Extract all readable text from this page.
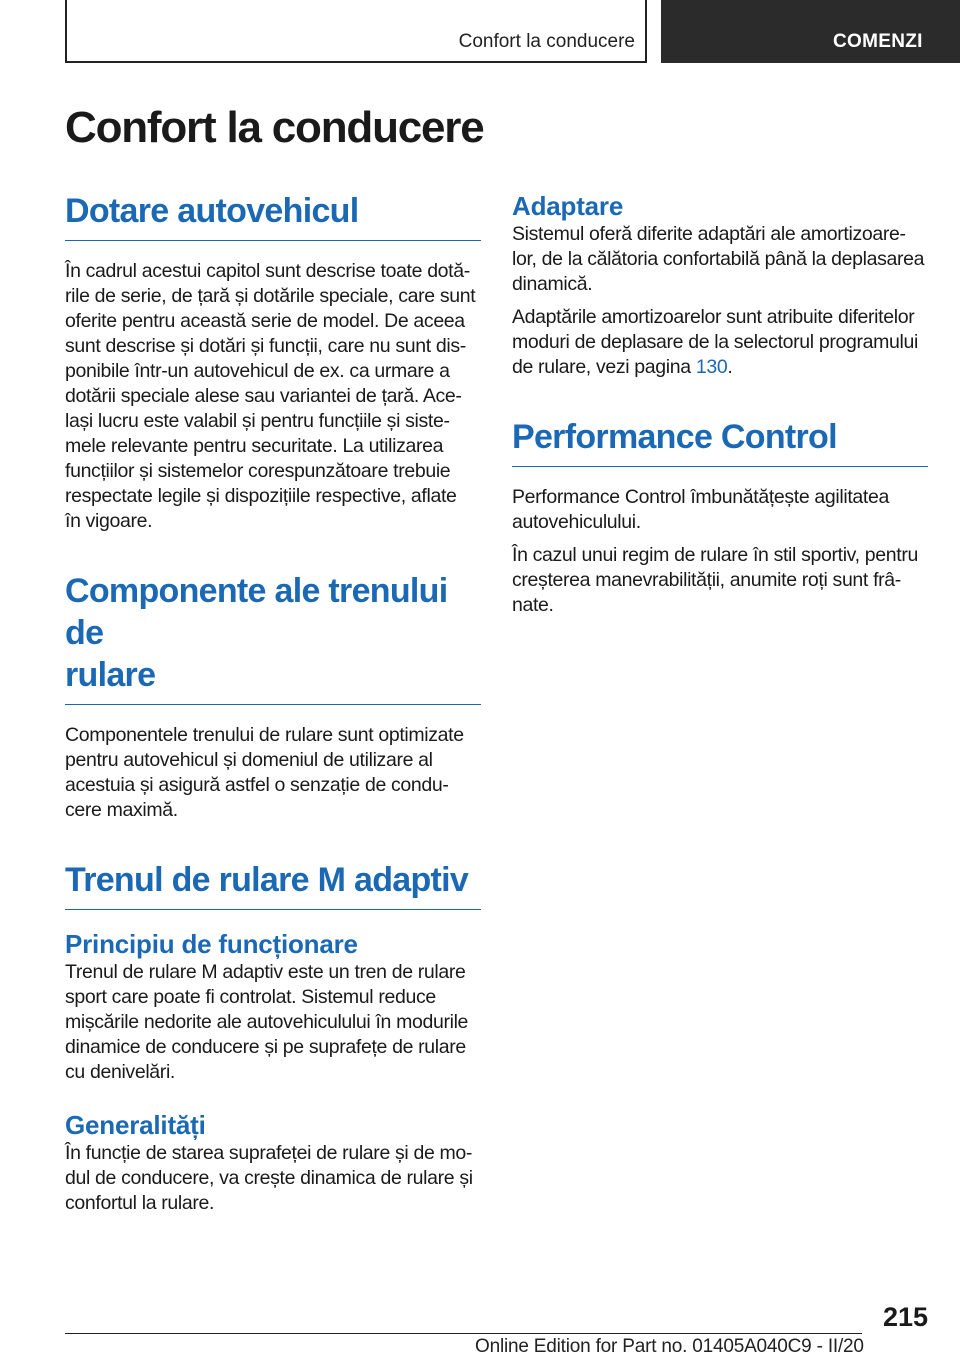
Confort la conducere	COMENZI
Confort la conducere
Dotare autovehicul

În cadrul acestui capitol sunt descrise toate dotă-
rile de serie, de țară și dotările speciale, care sunt
oferite pentru această serie de model. De aceea
sunt descrise și dotări și funcții, care nu sunt dis-
ponibile într-un autovehicul de ex. ca urmare a
dotării speciale alese sau variantei de țară. Ace-
lași lucru este valabil și pentru funcțiile și siste-
mele relevante pentru securitate. La utilizarea
funcțiilor și sistemelor corespunzătoare trebuie
respectate legile și dispozițiile respective, aflate
în vigoare.

Componente ale trenului de
rulare

Componentele trenului de rulare sunt optimizate
pentru autovehicul și domeniul de utilizare al
acestuia și asigură astfel o senzație de condu-
cere maximă.

Trenul de rulare M adaptiv
Principiu de funcționare

Trenul de rulare M adaptiv este un tren de rulare
sport care poate fi controlat. Sistemul reduce
mișcările nedorite ale autovehiculului în modurile
dinamice de conducere și pe suprafețe de rulare
cu denivelări.

Generalități

În funcție de starea suprafeței de rulare și de mo-
dul de conducere, va crește dinamica de rulare și
confortul la rulare.

Adaptare

Sistemul oferă diferite adaptări ale amortizoare-
lor, de la călătoria confortabilă până la deplasarea
dinamică.

Adaptările amortizoarelor sunt atribuite diferitelor
moduri de deplasare de la selectorul programului
de rulare, vezi pagina 130.

Performance Control

Performance Control îmbunătățește agilitatea
autovehiculului.

În cazul unui regim de rulare în stil sportiv, pentru
creșterea manevrabilității, anumite roți sunt frâ-
nate.

215
Online Edition for Part no. 01405A040C9 - II/20
